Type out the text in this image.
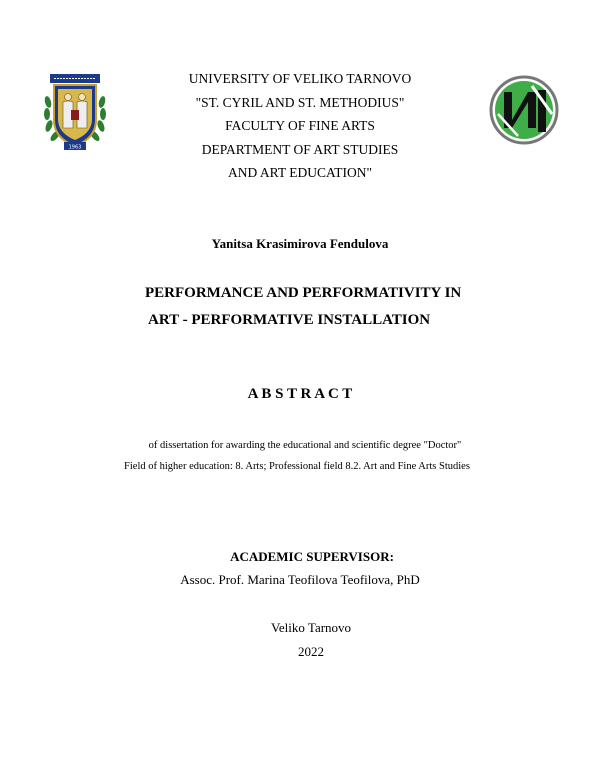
1963
UNIVERSITY OF VELIKO TARNOVO
"ST. CYRIL AND ST. METHODIUS"
FACULTY OF FINE ARTS
DEPARTMENT OF ART STUDIES
AND ART EDUCATION"
Yanitsa Krasimirova Fendulova
PERFORMANCE AND PERFORMATIVITY IN
ART - PERFORMATIVE INSTALLATION
A B S T R A C T
of dissertation for awarding the educational and scientific degree "Doctor"
Field of higher education: 8. Arts; Professional field 8.2. Art and Fine Arts Studies
ACADEMIC SUPERVISOR:
Assoc. Prof. Marina Teofilova Teofilova, PhD
Veliko Tarnovo
2022
